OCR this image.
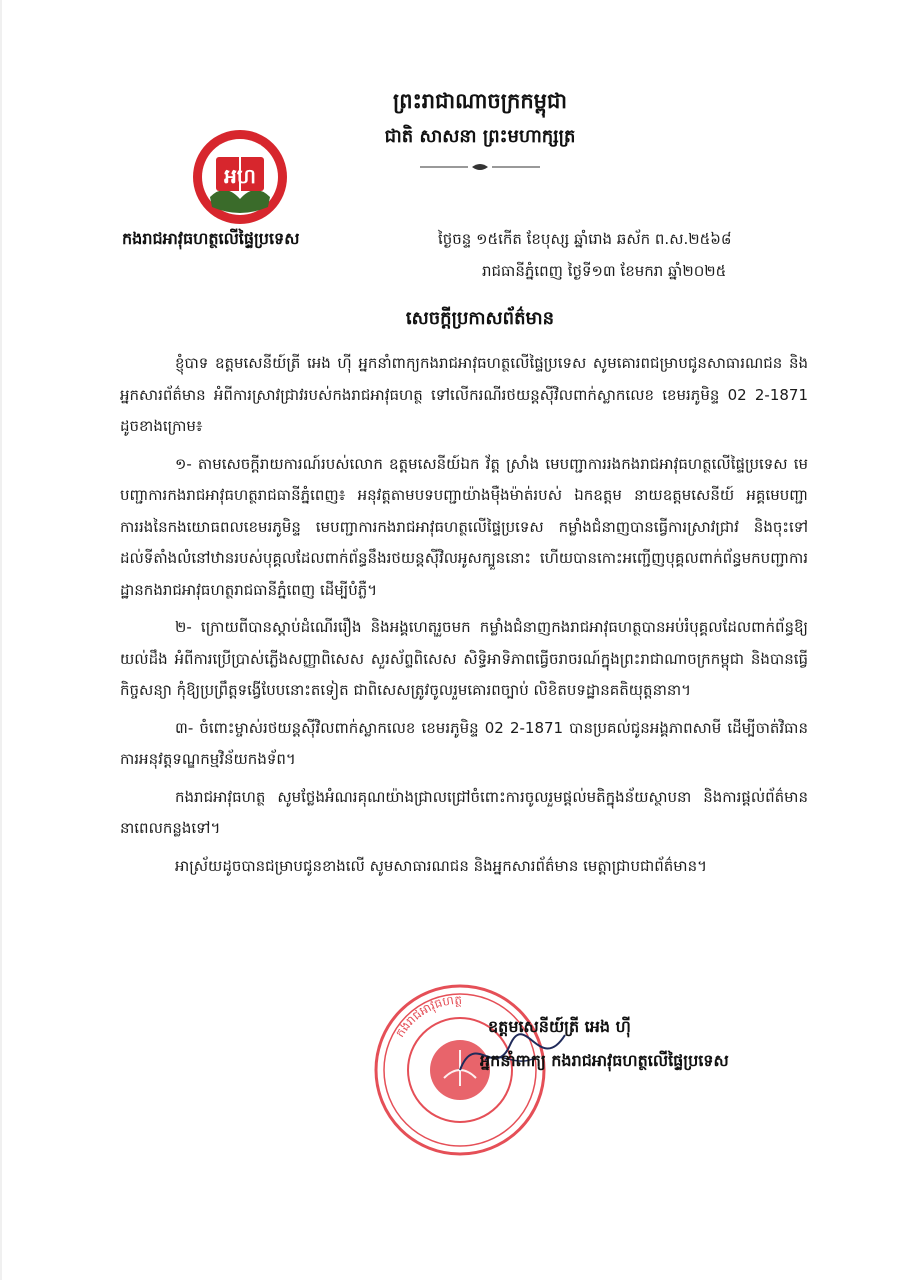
អហ
កងរាជអាវុធហត្ថ
កងរាជអាវុធហត្ថលើផ្ទៃប្រទេស
ព្រះរាជាណាចក្រកម្ពុជា
ជាតិ សាសនា ព្រះមហាក្សត្រ
ថ្ងៃចន្ទ ១៥កើត ខែបុស្ស ឆ្នាំរោង ឆស័ក ព.ស.២៥៦៨
រាជធានីភ្នំពេញ ថ្ងៃទី១៣ ខែមករា ឆ្នាំ២០២៥
សេចក្តីប្រកាសព័ត៌មាន

ខ្ញុំបាទ ឧត្តមសេនីយ៍ត្រី អេង ហ៊ី អ្នកនាំពាក្យកងរាជអាវុធហត្ថលើផ្ទៃប្រទេស សូមគោរពជម្រាបជូនសាធារណជន និងអ្នកសារព័ត៌មាន អំពីការស្រាវជ្រាវរបស់កងរាជអាវុធហត្ថ ទៅលើករណីរថយន្តស៊ីវិលពាក់ស្លាកលេខ ខេមរភូមិន្ទ 02 2-1871 ដូចខាងក្រោម៖

១- តាមសេចក្តីរាយការណ៍របស់លោក ឧត្តមសេនីយ៍ឯក វ័ត្ត ស្រាំង មេបញ្ជាការរងកងរាជអាវុធហត្ថលើផ្ទៃប្រទេស មេបញ្ជាការកងរាជអាវុធហត្ថរាជធានីភ្នំពេញ៖ អនុវត្តតាមបទបញ្ជាយ៉ាងម៉ឺងម៉ាត់របស់ ឯកឧត្តម នាយឧត្តមសេនីយ៍ អគ្គមេបញ្ជាការរងនៃកងយោធពលខេមរភូមិន្ទ មេបញ្ជាការកងរាជអាវុធហត្ថលើផ្ទៃប្រទេស កម្លាំងជំនាញបានធ្វើការស្រាវជ្រាវ និងចុះទៅដល់ទីតាំងលំនៅឋានរបស់បុគ្គលដែលពាក់ព័ន្ធនឹងរថយន្តស៊ីវិលអូសក្បួននោះ ហើយបានកោះអញ្ជើញបុគ្គលពាក់ព័ន្ធមកបញ្ជាការដ្ឋានកងរាជអាវុធហត្ថរាជធានីភ្នំពេញ ដើម្បីបំភ្លឺ។

២- ក្រោយពីបានស្តាប់ដំណើររឿង និងអង្គហេតុរួចមក កម្លាំងជំនាញកងរាជអាវុធហត្ថបានអប់រំបុគ្គលដែលពាក់ព័ន្ធឱ្យយល់ដឹង អំពីការប្រើប្រាស់ភ្លើងសញ្ញាពិសេស សួរស័ព្ទពិសេស សិទ្ធិអាទិភាពធ្វើចរាចរណ៍ក្នុងព្រះរាជាណាចក្រកម្ពុជា និងបានធ្វើកិច្ចសន្យា កុំឱ្យប្រព្រឹត្តទង្វើបែបនោះតទៀត ជាពិសេសត្រូវចូលរួមគោរពច្បាប់ លិខិតបទដ្ឋានគតិយុត្តនានា។

៣- ចំពោះម្ចាស់រថយន្តស៊ីវិលពាក់ស្លាកលេខ ខេមរភូមិន្ទ 02 2-1871 បានប្រគល់ជូនអង្គភាពសាមី ដើម្បីចាត់វិធានការអនុវត្តទណ្ឌកម្មវិន័យកងទ័ព។

កងរាជអាវុធហត្ថ សូមថ្លែងអំណរគុណយ៉ាងជ្រាលជ្រៅចំពោះការចូលរួមផ្តល់មតិក្នុងន័យស្ថាបនា និងការផ្តល់ព័ត៌មាន នាពេលកន្លងទៅ។

អាស្រ័យដូចបានជម្រាបជូនខាងលើ សូមសាធារណជន និងអ្នកសារព័ត៌មាន មេត្តាជ្រាបជាព័ត៌មាន។

កងរាជអាវុធហត្ថ
ឧត្តមសេនីយ៍ត្រី អេង ហ៊ី
អ្នកនាំពាក្យ កងរាជអាវុធហត្ថលើផ្ទៃប្រទេស
